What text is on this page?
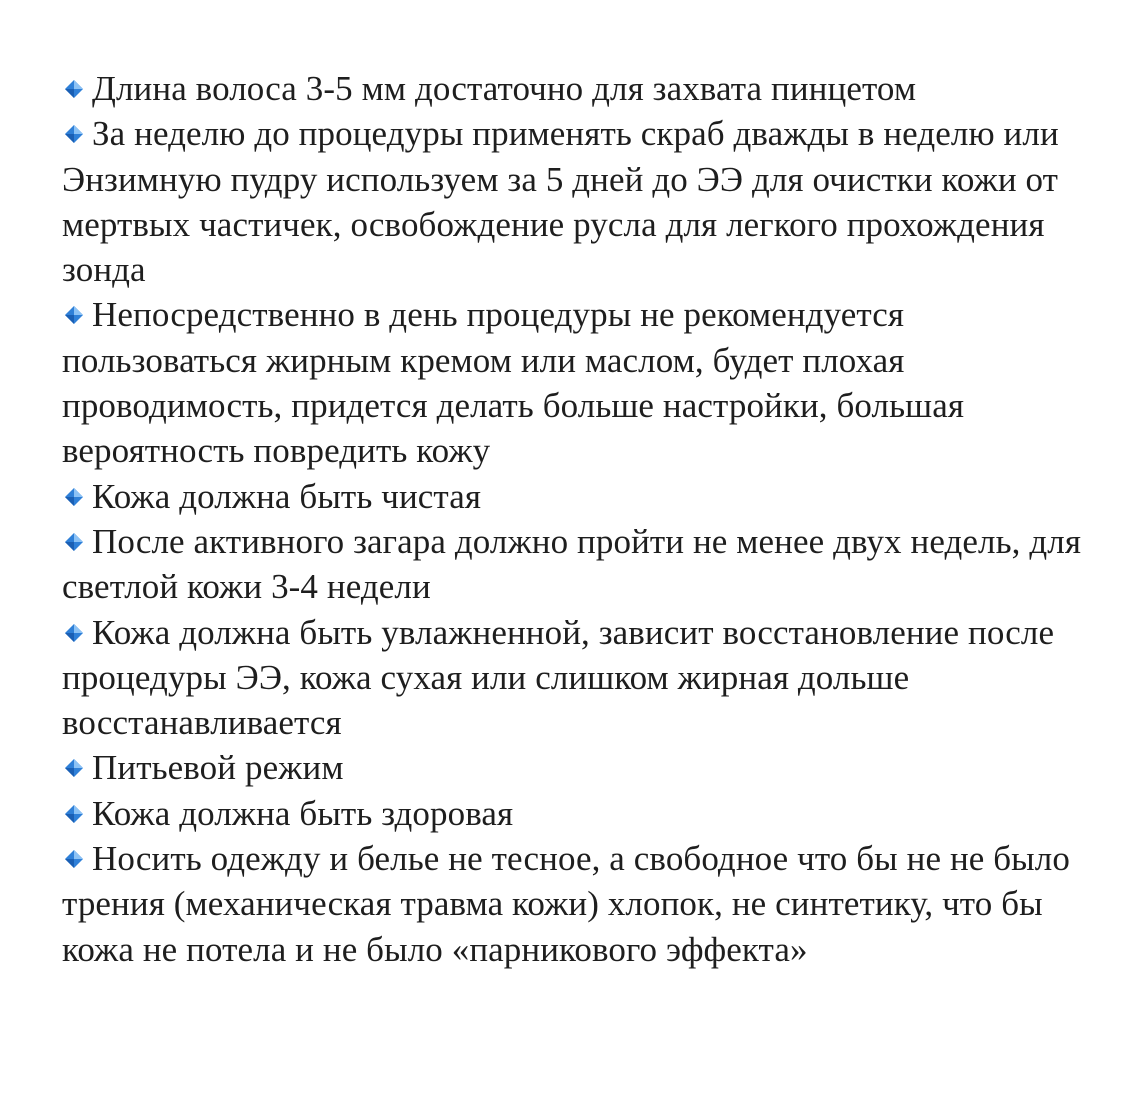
Длина волоса 3-5 мм достаточно для захвата пинцетом
За неделю до процедуры применять скраб дважды в неделю или Энзимную пудру используем за 5 дней до ЭЭ для очистки кожи от мертвых частичек, освобождение русла для легкого прохождения зонда
Непосредственно в день процедуры не рекомендуется пользоваться жирным кремом или маслом, будет плохая проводимость, придется делать больше настройки, большая вероятность повредить кожу
Кожа должна быть чистая
После активного загара должно пройти не менее двух недель, для светлой кожи 3-4 недели
Кожа должна быть увлажненной, зависит восстановление после процедуры ЭЭ, кожа сухая или слишком жирная дольше восстанавливается
Питьевой режим
Кожа должна быть здоровая
Носить одежду и белье не тесное, а свободное что бы не не было трения (механическая травма кожи) хлопок, не синтетику, что бы кожа не потела и не было «парникового эффекта»
